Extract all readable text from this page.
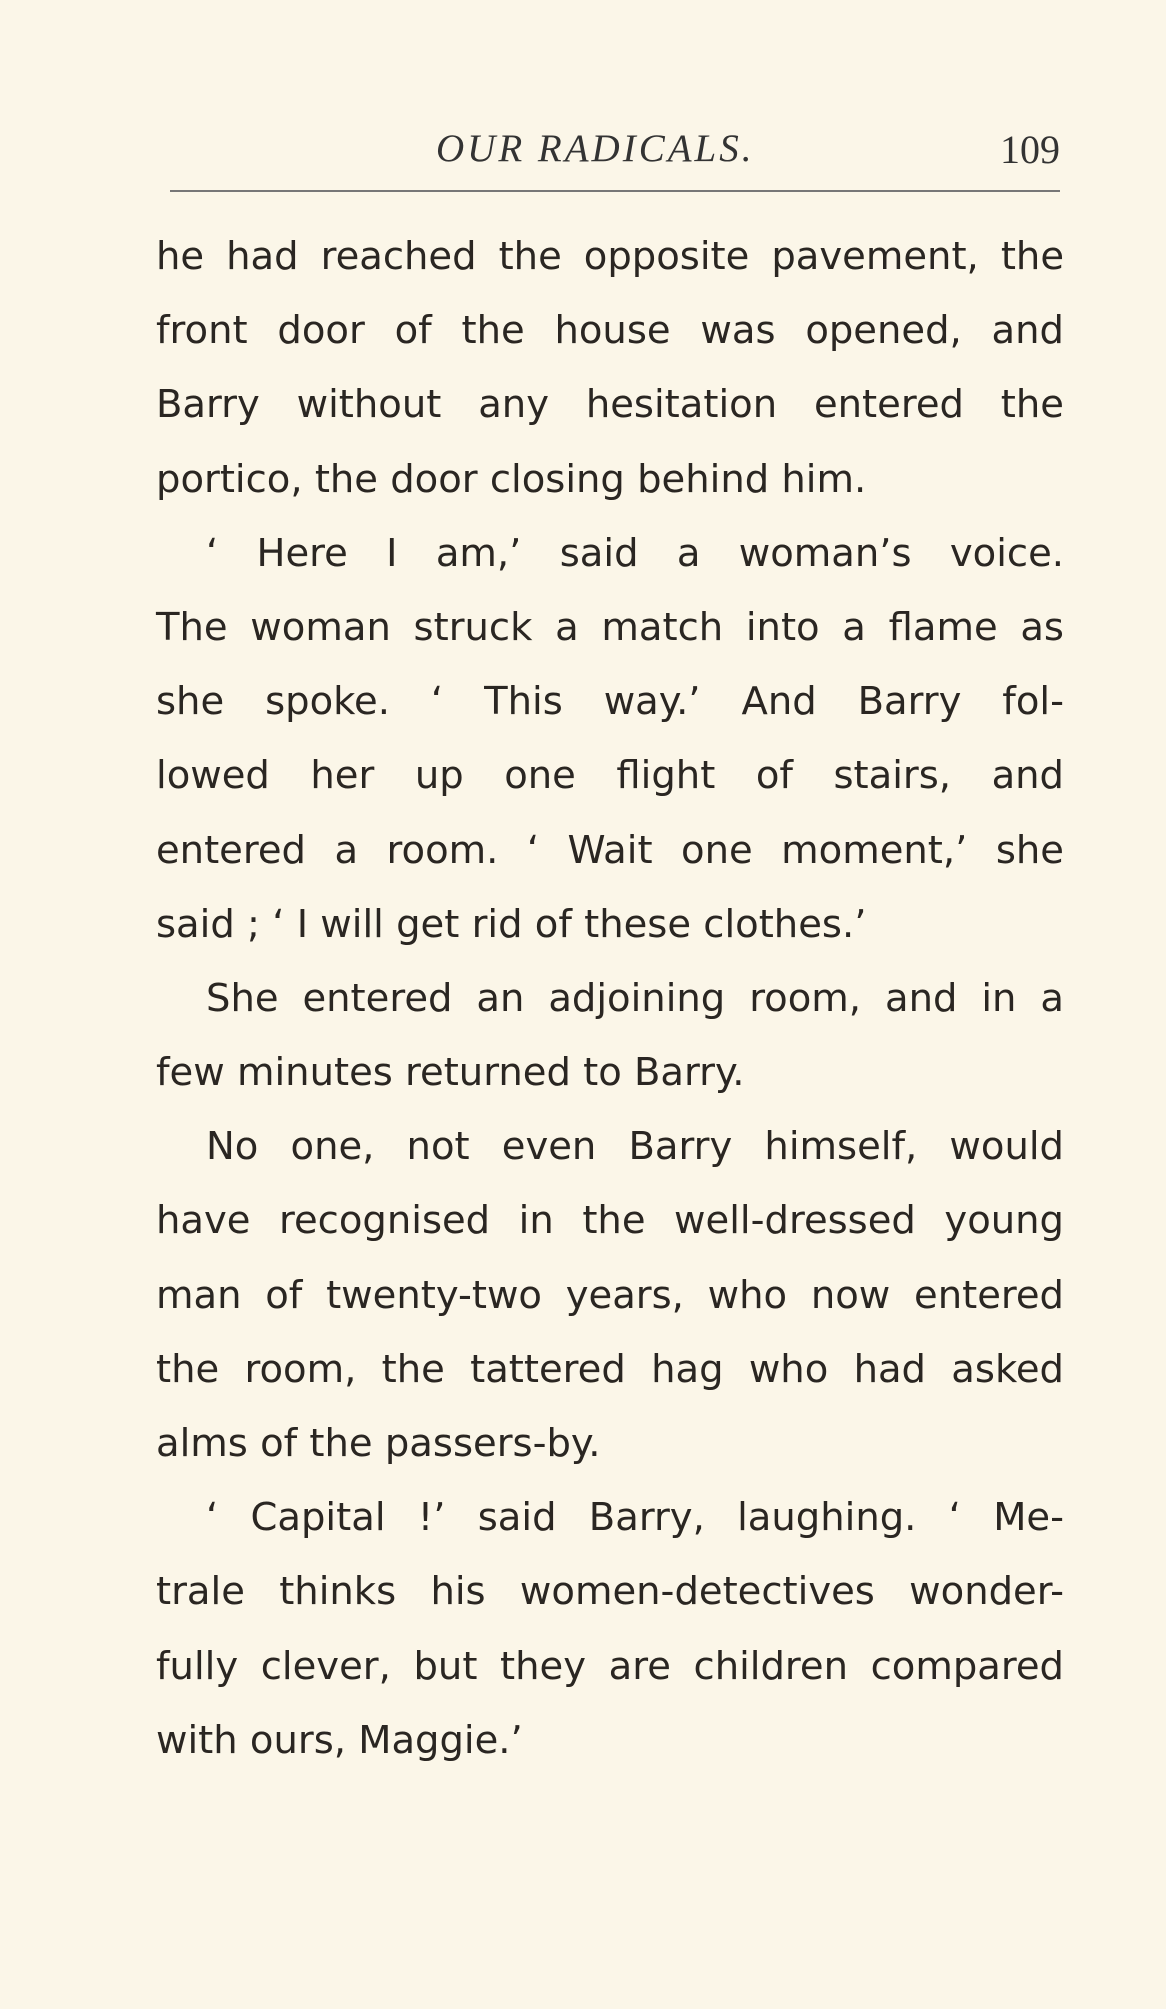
OUR RADICALS.	109
he had reached the opposite pavement, the
front door of the house was opened, and
Barry without any hesitation entered the
portico, the door closing behind him.
‘ Here I am,’ said a woman’s voice.
The woman struck a match into a flame as
she spoke. ‘ This way.’ And Barry fol-
lowed her up one flight of stairs, and
entered a room. ‘ Wait one moment,’ she
said ; ‘ I will get rid of these clothes.’
She entered an adjoining room, and in a
few minutes returned to Barry.
No one, not even Barry himself, would
have recognised in the well-dressed young
man of twenty-two years, who now entered
the room, the tattered hag who had asked
alms of the passers-by.
‘ Capital !’ said Barry, laughing. ‘ Me-
trale thinks his women-detectives wonder-
fully clever, but they are children compared
with ours, Maggie.’
